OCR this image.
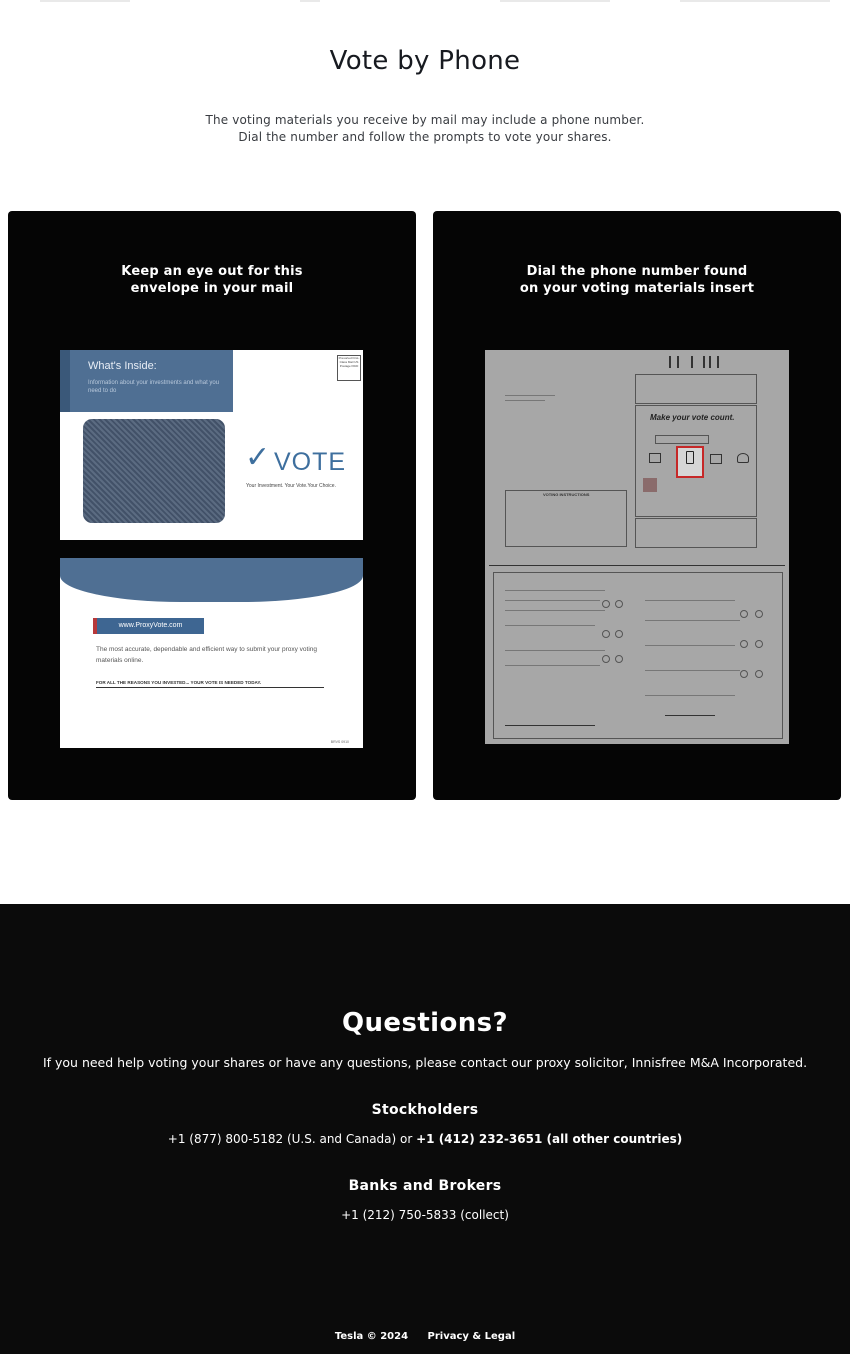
Vote by Phone
The voting materials you receive by mail may include a phone number.
Dial the number and follow the prompts to vote your shares.
Keep an eye out for this
envelope in your mail
What's Inside:
Information about your investments and what you need to do
Presorted First-Class Mail US Postage PAID
✓ VOTE
Your Investment. Your Vote.Your Choice.
www.ProxyVote.com
The most accurate, dependable and efficient way to submit your proxy voting materials online.
FOR ALL THE REASONS YOU INVESTED... YOUR VOTE IS NEEDED TODAY.
BRVS 0910
Dial the phone number found
on your voting materials insert
Make your vote count.
VOTING INSTRUCTIONS
Questions?
If you need help voting your shares or have any questions, please contact our proxy solicitor, Innisfree M&A Incorporated.
Stockholders
+1 (877) 800-5182 (U.S. and Canada) or +1 (412) 232-3651 (all other countries)
Banks and Brokers
+1 (212) 750-5833 (collect)
Tesla © 2024 Privacy & Legal
